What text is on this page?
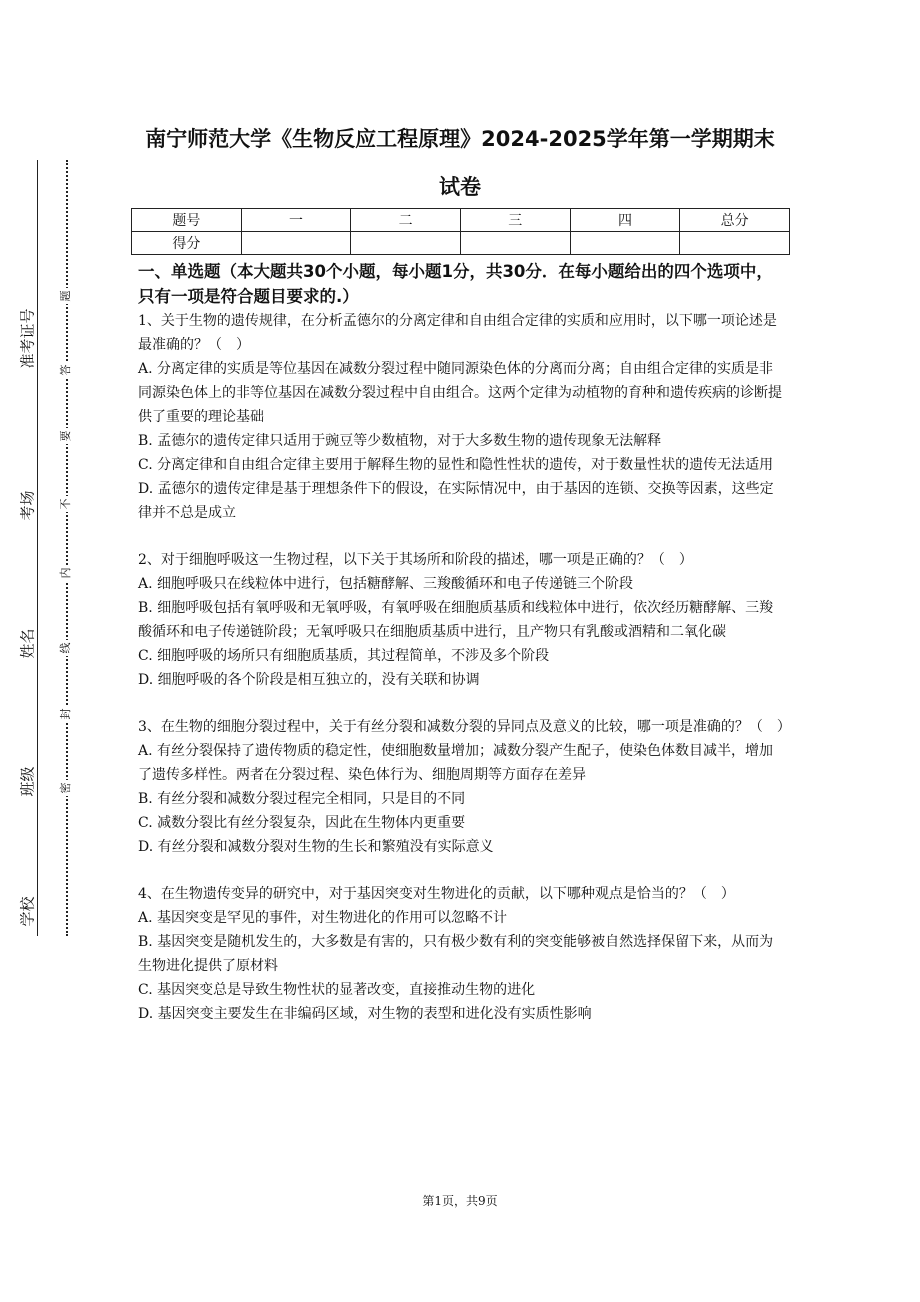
准考证号
考场
姓名
班级
学校
题
答
要
不
内
线
封
密
南宁师范大学《生物反应工程原理》2024-2025学年第一学期期末
试卷
题号	一	二	三	四	总分
得分					

一、单选题（本大题共30个小题，每小题1分，共30分．在每小题给出的四个选项中，只有一项是符合题目要求的.）

1、关于生物的遗传规律，在分析孟德尔的分离定律和自由组合定律的实质和应用时，以下哪一项论述是最准确的？（　）

A. 分离定律的实质是等位基因在减数分裂过程中随同源染色体的分离而分离；自由组合定律的实质是非同源染色体上的非等位基因在减数分裂过程中自由组合。这两个定律为动植物的育种和遗传疾病的诊断提供了重要的理论基础

B. 孟德尔的遗传定律只适用于豌豆等少数植物，对于大多数生物的遗传现象无法解释

C. 分离定律和自由组合定律主要用于解释生物的显性和隐性性状的遗传，对于数量性状的遗传无法适用

D. 孟德尔的遗传定律是基于理想条件下的假设，在实际情况中，由于基因的连锁、交换等因素，这些定律并不总是成立

2、对于细胞呼吸这一生物过程，以下关于其场所和阶段的描述，哪一项是正确的？（　）

A. 细胞呼吸只在线粒体中进行，包括糖酵解、三羧酸循环和电子传递链三个阶段

B. 细胞呼吸包括有氧呼吸和无氧呼吸，有氧呼吸在细胞质基质和线粒体中进行，依次经历糖酵解、三羧酸循环和电子传递链阶段；无氧呼吸只在细胞质基质中进行，且产物只有乳酸或酒精和二氧化碳

C. 细胞呼吸的场所只有细胞质基质，其过程简单，不涉及多个阶段

D. 细胞呼吸的各个阶段是相互独立的，没有关联和协调

3、在生物的细胞分裂过程中，关于有丝分裂和减数分裂的异同点及意义的比较，哪一项是准确的？（　）

A. 有丝分裂保持了遗传物质的稳定性，使细胞数量增加；减数分裂产生配子，使染色体数目减半，增加了遗传多样性。两者在分裂过程、染色体行为、细胞周期等方面存在差异

B. 有丝分裂和减数分裂过程完全相同，只是目的不同

C. 减数分裂比有丝分裂复杂，因此在生物体内更重要

D. 有丝分裂和减数分裂对生物的生长和繁殖没有实际意义

4、在生物遗传变异的研究中，对于基因突变对生物进化的贡献，以下哪种观点是恰当的？（　）

A. 基因突变是罕见的事件，对生物进化的作用可以忽略不计

B. 基因突变是随机发生的，大多数是有害的，只有极少数有利的突变能够被自然选择保留下来，从而为生物进化提供了原材料

C. 基因突变总是导致生物性状的显著改变，直接推动生物的进化

D. 基因突变主要发生在非编码区域，对生物的表型和进化没有实质性影响

第1页，共9页
